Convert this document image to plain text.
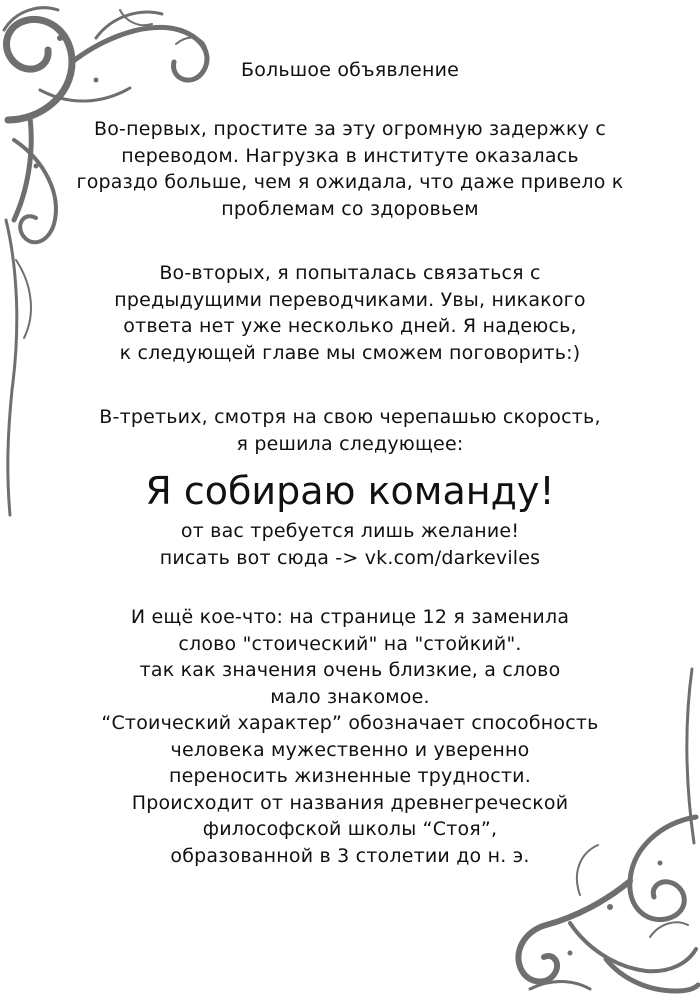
Большое объявление
Во-первых, простите за эту огромную задержку с
переводом. Нагрузка в институте оказалась
гораздо больше, чем я ожидала, что даже привело к
проблемам со здоровьем
Во-вторых, я попыталась связаться с
предыдущими переводчиками. Увы, никакого
ответа нет уже несколько дней. Я надеюсь,
к следующей главе мы сможем поговорить:)
В-третьих, смотря на свою черепашью скорость,
я решила следующее:
Я собираю команду!
от вас требуется лишь желание!
писать вот сюда -> vk.com/darkeviles
И ещё кое-что: на странице 12 я заменила
слово "стоический" на "стойкий".
так как значения очень близкие, а слово
мало знакомое.
“Стоический характер” обозначает способность
человека мужественно и уверенно
переносить жизненные трудности.
Происходит от названия древнегреческой
философской школы “Стоя”,
образованной в 3 столетии до н. э.
